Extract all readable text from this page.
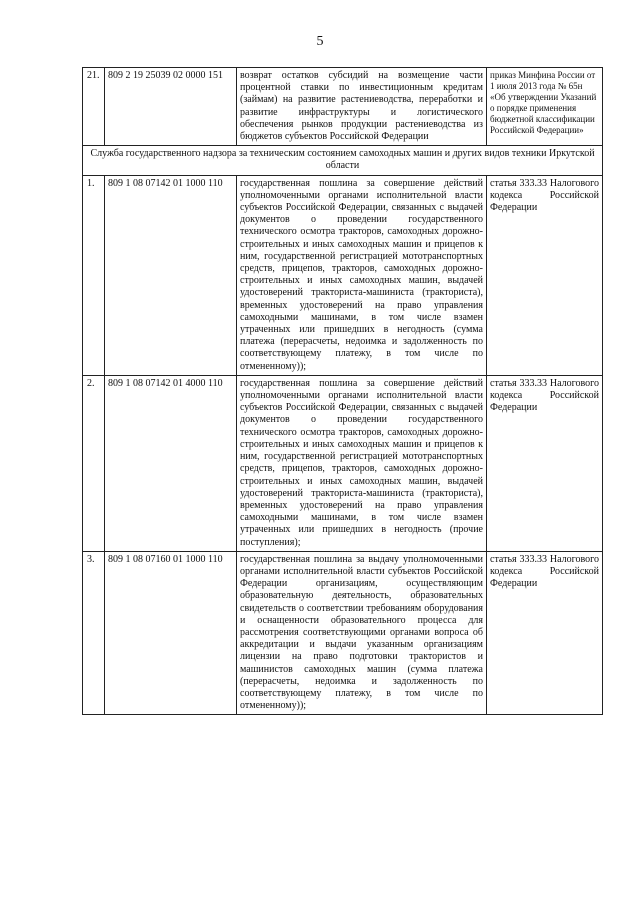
5
21.	809 2 19 25039 02 0000 151	возврат остатков субсидий на возмещение части процентной ставки по инвестиционным кредитам (займам) на развитие растениеводства, переработки и развитие инфраструктуры и логистического обеспечения рынков продукции растениеводства из бюджетов субъектов Российской Федерации	приказ Минфина России от 1 июля 2013 года № 65н «Об утверждении Указаний о порядке применения бюджетной классификации Российской Федерации»
Служба государственного надзора за техническим состоянием самоходных машин и других видов техники Иркутской области			
1.	809 1 08 07142 01 1000 110	государственная пошлина за совершение действий уполномоченными органами исполнительной власти субъектов Российской Федерации, связанных с выдачей документов о проведении государственного технического осмотра тракторов, самоходных дорожно-строительных и иных самоходных машин и прицепов к ним, государственной регистрацией мототранспортных средств, прицепов, тракторов, самоходных дорожно-строительных и иных самоходных машин, выдачей удостоверений тракториста-машиниста (тракториста), временных удостоверений на право управления самоходными машинами, в том числе взамен утраченных или пришедших в негодность (сумма платежа (перерасчеты, недоимка и задолженность по соответствующему платежу, в том числе по отмененному));	статья 333.33 Налогового кодекса Российской Федерации
2.	809 1 08 07142 01 4000 110	государственная пошлина за совершение действий уполномоченными органами исполнительной власти субъектов Российской Федерации, связанных с выдачей документов о проведении государственного технического осмотра тракторов, самоходных дорожно-строительных и иных самоходных машин и прицепов к ним, государственной регистрацией мототранспортных средств, прицепов, тракторов, самоходных дорожно-строительных и иных самоходных машин, выдачей удостоверений тракториста-машиниста (тракториста), временных удостоверений на право управления самоходными машинами, в том числе взамен утраченных или пришедших в негодность (прочие поступления);	статья 333.33 Налогового кодекса Российской Федерации
3.	809 1 08 07160 01 1000 110	государственная пошлина за выдачу уполномоченными органами исполнительной власти субъектов Российской Федерации организациям, осуществляющим образовательную деятельность, образовательных свидетельств о соответствии требованиям оборудования и оснащенности образовательного процесса для рассмотрения соответствующими органами вопроса об аккредитации и выдачи указанным организациям лицензии на право подготовки трактористов и машинистов самоходных машин (сумма платежа (перерасчеты, недоимка и задолженность по соответствующему платежу, в том числе по отмененному));	статья 333.33 Налогового кодекса Российской Федерации
